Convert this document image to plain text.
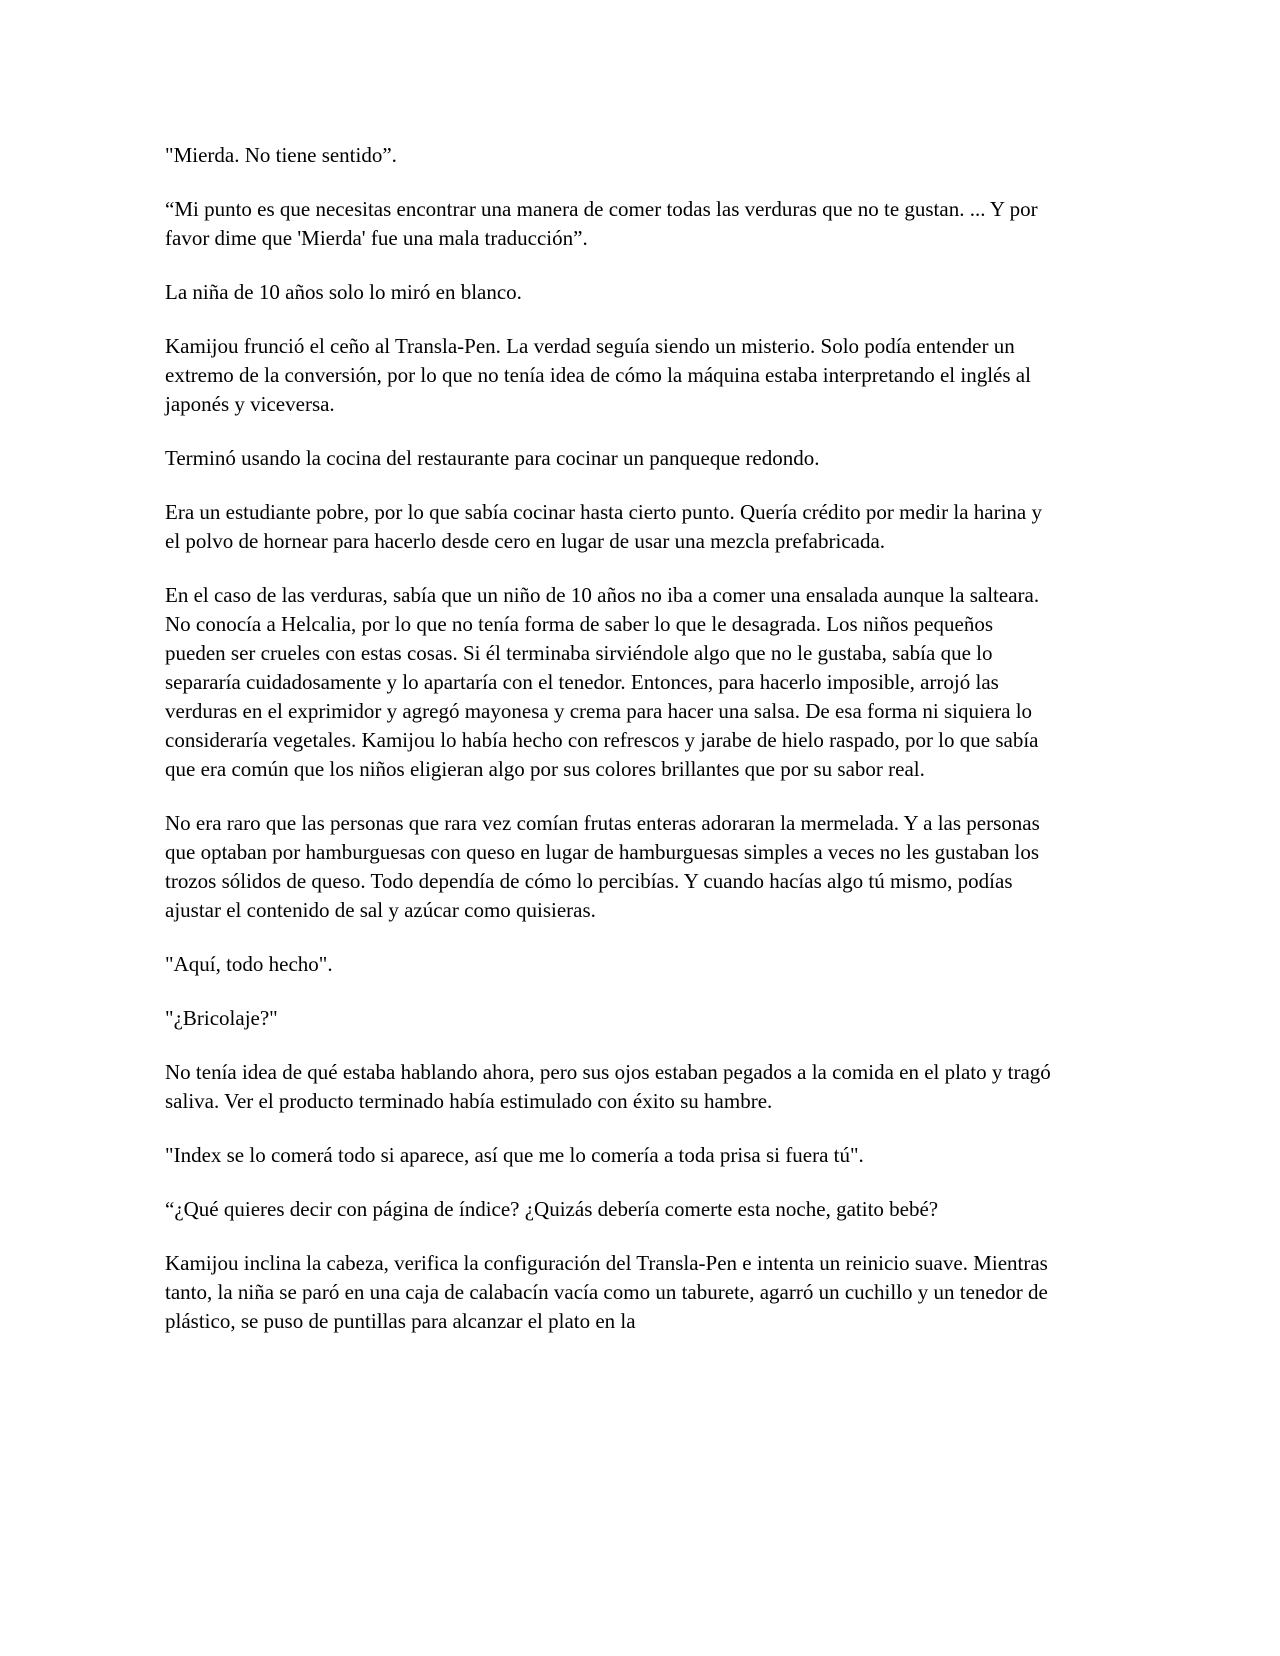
"Mierda. No tiene sentido”.

“Mi punto es que necesitas encontrar una manera de comer todas las verduras que no te gustan. ... Y por favor dime que 'Mierda' fue una mala traducción”.

La niña de 10 años solo lo miró en blanco.

Kamijou frunció el ceño al Transla-Pen. La verdad seguía siendo un misterio. Solo podía entender un extremo de la conversión, por lo que no tenía idea de cómo la máquina estaba interpretando el inglés al japonés y viceversa.

Terminó usando la cocina del restaurante para cocinar un panqueque redondo.

Era un estudiante pobre, por lo que sabía cocinar hasta cierto punto. Quería crédito por medir la harina y el polvo de hornear para hacerlo desde cero en lugar de usar una mezcla prefabricada.

En el caso de las verduras, sabía que un niño de 10 años no iba a comer una ensalada aunque la salteara. No conocía a Helcalia, por lo que no tenía forma de saber lo que le desagrada. Los niños pequeños pueden ser crueles con estas cosas. Si él terminaba sirviéndole algo que no le gustaba, sabía que lo separaría cuidadosamente y lo apartaría con el tenedor. Entonces, para hacerlo imposible, arrojó las verduras en el exprimidor y agregó mayonesa y crema para hacer una salsa. De esa forma ni siquiera lo consideraría vegetales. Kamijou lo había hecho con refrescos y jarabe de hielo raspado, por lo que sabía que era común que los niños eligieran algo por sus colores brillantes que por su sabor real.

No era raro que las personas que rara vez comían frutas enteras adoraran la mermelada. Y a las personas que optaban por hamburguesas con queso en lugar de hamburguesas simples a veces no les gustaban los trozos sólidos de queso. Todo dependía de cómo lo percibías. Y cuando hacías algo tú mismo, podías ajustar el contenido de sal y azúcar como quisieras.

"Aquí, todo hecho".

"¿Bricolaje?"

No tenía idea de qué estaba hablando ahora, pero sus ojos estaban pegados a la comida en el plato y tragó saliva. Ver el producto terminado había estimulado con éxito su hambre.

"Index se lo comerá todo si aparece, así que me lo comería a toda prisa si fuera tú".

“¿Qué quieres decir con página de índice? ¿Quizás debería comerte esta noche, gatito bebé?

Kamijou inclina la cabeza, verifica la configuración del Transla-Pen e intenta un reinicio suave. Mientras tanto, la niña se paró en una caja de calabacín vacía como un taburete, agarró un cuchillo y un tenedor de plástico, se puso de puntillas para alcanzar el plato en la
